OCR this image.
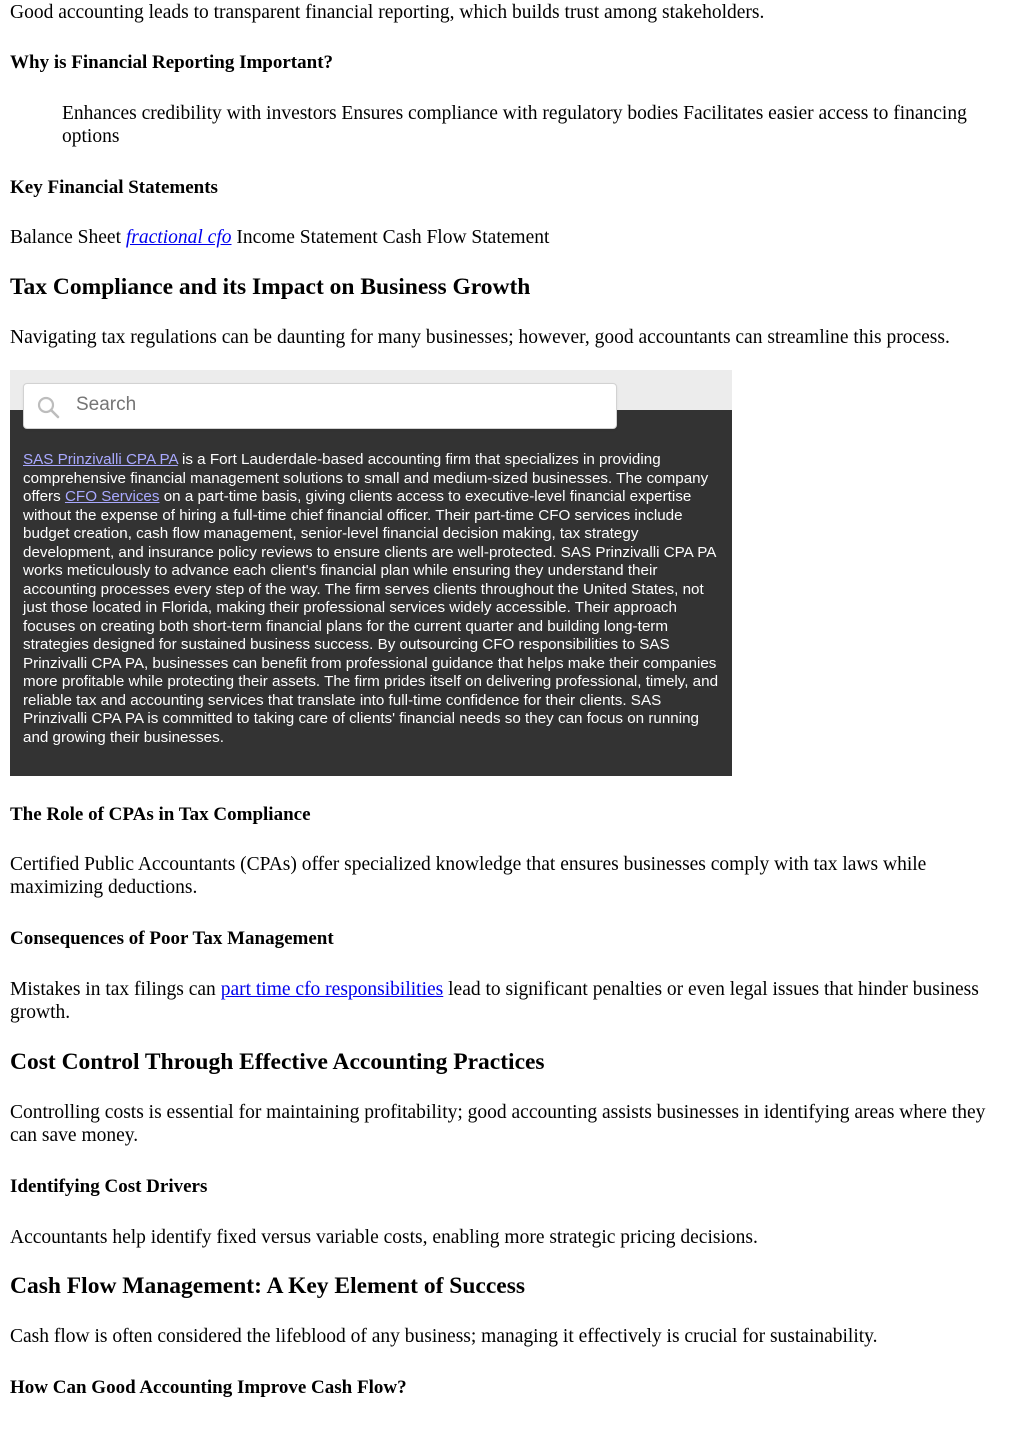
Good accounting leads to transparent financial reporting, which builds trust among stakeholders.

Why is Financial Reporting Important?

Enhances credibility with investors Ensures compliance with regulatory bodies Facilitates easier access to financing options

Key Financial Statements

Balance Sheet fractional cfo Income Statement Cash Flow Statement

Tax Compliance and its Impact on Business Growth

Navigating tax regulations can be daunting for many businesses; however, good accountants can streamline this process.

Search

SAS Prinzivalli CPA PA is a Fort Lauderdale-based accounting firm that specializes in providing comprehensive financial management solutions to small and medium-sized businesses. The company offers CFO Services on a part-time basis, giving clients access to executive-level financial expertise without the expense of hiring a full-time chief financial officer. Their part-time CFO services include budget creation, cash flow management, senior-level financial decision making, tax strategy development, and insurance policy reviews to ensure clients are well-protected. SAS Prinzivalli CPA PA works meticulously to advance each client's financial plan while ensuring they understand their accounting processes every step of the way. The firm serves clients throughout the United States, not just those located in Florida, making their professional services widely accessible. Their approach focuses on creating both short-term financial plans for the current quarter and building long-term strategies designed for sustained business success. By outsourcing CFO responsibilities to SAS Prinzivalli CPA PA, businesses can benefit from professional guidance that helps make their companies more profitable while protecting their assets. The firm prides itself on delivering professional, timely, and reliable tax and accounting services that translate into full-time confidence for their clients. SAS Prinzivalli CPA PA is committed to taking care of clients' financial needs so they can focus on running and growing their businesses.

The Role of CPAs in Tax Compliance

Certified Public Accountants (CPAs) offer specialized knowledge that ensures businesses comply with tax laws while maximizing deductions.

Consequences of Poor Tax Management

Mistakes in tax filings can part time cfo responsibilities lead to significant penalties or even legal issues that hinder business growth.

Cost Control Through Effective Accounting Practices

Controlling costs is essential for maintaining profitability; good accounting assists businesses in identifying areas where they can save money.

Identifying Cost Drivers

Accountants help identify fixed versus variable costs, enabling more strategic pricing decisions.

Cash Flow Management: A Key Element of Success

Cash flow is often considered the lifeblood of any business; managing it effectively is crucial for sustainability.

How Can Good Accounting Improve Cash Flow?
